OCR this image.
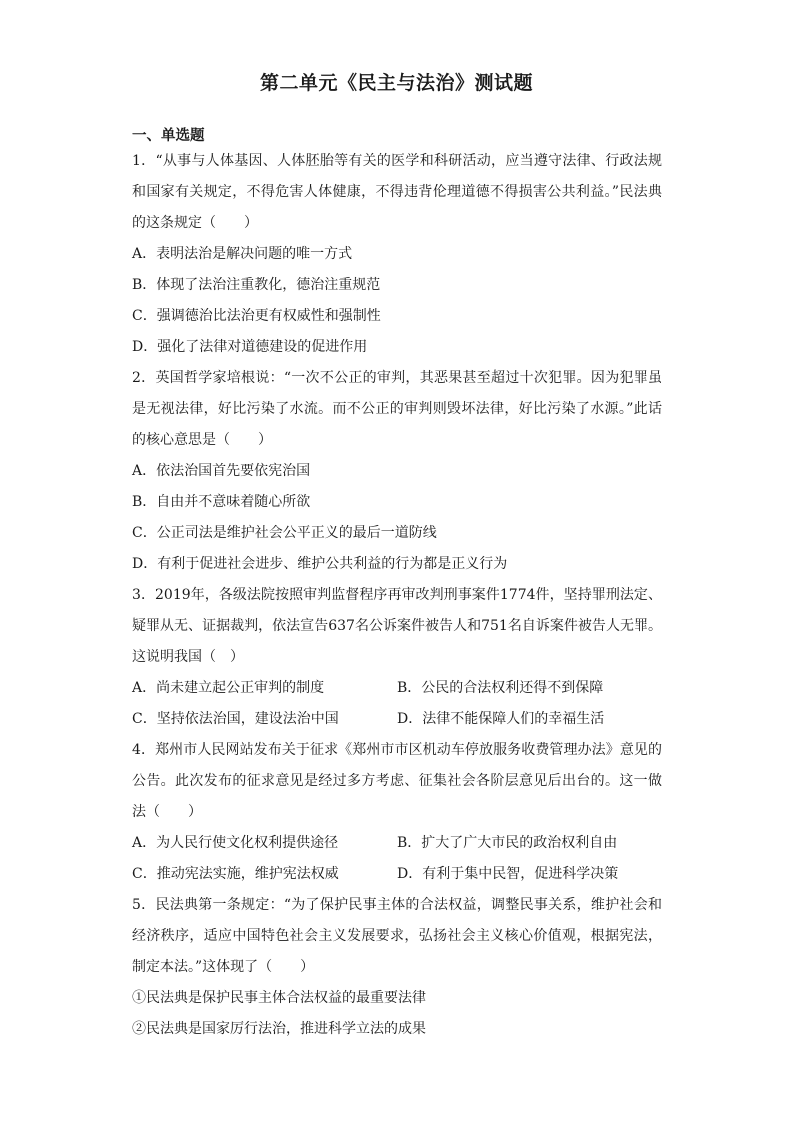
第二单元《民主与法治》测试题
一、单选题

1．“从事与人体基因、人体胚胎等有关的医学和科研活动，应当遵守法律、行政法规和国家有关规定，不得危害人体健康，不得违背伦理道德不得损害公共利益。”民法典的这条规定（　　）

A．表明法治是解决问题的唯一方式

B．体现了法治注重教化，德治注重规范

C．强调德治比法治更有权威性和强制性

D．强化了法律对道德建设的促进作用

2．英国哲学家培根说：“一次不公正的审判，其恶果甚至超过十次犯罪。因为犯罪虽是无视法律，好比污染了水流。而不公正的审判则毁坏法律，好比污染了水源。”此话的核心意思是（　　）

A．依法治国首先要依宪治国

B．自由并不意味着随心所欲

C．公正司法是维护社会公平正义的最后一道防线

D．有利于促进社会进步、维护公共利益的行为都是正义行为

3．2019年，各级法院按照审判监督程序再审改判刑事案件1774件，坚持罪刑法定、疑罪从无、证据裁判，依法宣告637名公诉案件被告人和751名自诉案件被告人无罪。这说明我国（　）

A．尚未建立起公正审判的制度	B．公民的合法权利还得不到保障
C．坚持依法治国，建设法治中国	D．法律不能保障人们的幸福生活

4．郑州市人民网站发布关于征求《郑州市市区机动车停放服务收费管理办法》意见的公告。此次发布的征求意见是经过多方考虑、征集社会各阶层意见后出台的。这一做法（　　）

A．为人民行使文化权利提供途径	B．扩大了广大市民的政治权利自由
C．推动宪法实施，维护宪法权威	D．有利于集中民智，促进科学决策

5．民法典第一条规定：“为了保护民事主体的合法权益，调整民事关系，维护社会和经济秩序，适应中国特色社会主义发展要求，弘扬社会主义核心价值观，根据宪法，制定本法。”这体现了（　　）

①民法典是保护民事主体合法权益的最重要法律

②民法典是国家厉行法治，推进科学立法的成果
